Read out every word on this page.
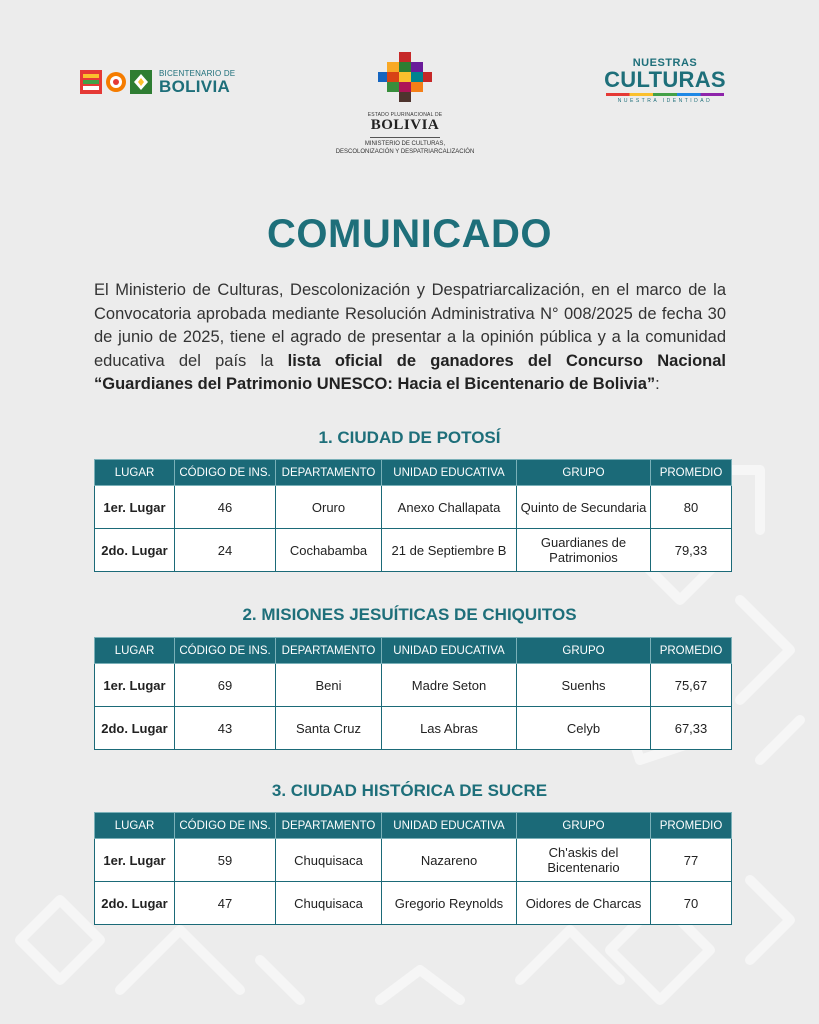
BICENTENARIO DE
BOLIVIA
ESTADO PLURINACIONAL DE
BOLIVIA
MINISTERIO DE CULTURAS,
DESCOLONIZACIÓN Y DESPATRIARCALIZACIÓN
NUESTRAS
CULTURAS
NUESTRA IDENTIDAD
COMUNICADO

El Ministerio de Culturas, Descolonización y Despatriarcalización, en el marco de la Convocatoria aprobada mediante Resolución Administrativa N° 008/2025 de fecha 30 de junio de 2025, tiene el agrado de presentar a la opinión pública y a la comunidad educativa del país la lista oficial de ganadores del Concurso Nacional “Guardianes del Patrimonio UNESCO: Hacia el Bicentenario de Bolivia”:

1. CIUDAD DE POTOSÍ
LUGAR	CÓDIGO DE INS.	DEPARTAMENTO	UNIDAD EDUCATIVA	GRUPO	PROMEDIO
1er. Lugar	46	Oruro	Anexo Challapata	Quinto de Secundaria	80
2do. Lugar	24	Cochabamba	21 de Septiembre B	Guardianes de Patrimonios	79,33
2. MISIONES JESUÍTICAS DE CHIQUITOS
LUGAR	CÓDIGO DE INS.	DEPARTAMENTO	UNIDAD EDUCATIVA	GRUPO	PROMEDIO
1er. Lugar	69	Beni	Madre Seton	Suenhs	75,67
2do. Lugar	43	Santa Cruz	Las Abras	Celyb	67,33
3. CIUDAD HISTÓRICA DE SUCRE
LUGAR	CÓDIGO DE INS.	DEPARTAMENTO	UNIDAD EDUCATIVA	GRUPO	PROMEDIO
1er. Lugar	59	Chuquisaca	Nazareno	Ch'askis del Bicentenario	77
2do. Lugar	47	Chuquisaca	Gregorio Reynolds	Oidores de Charcas	70
